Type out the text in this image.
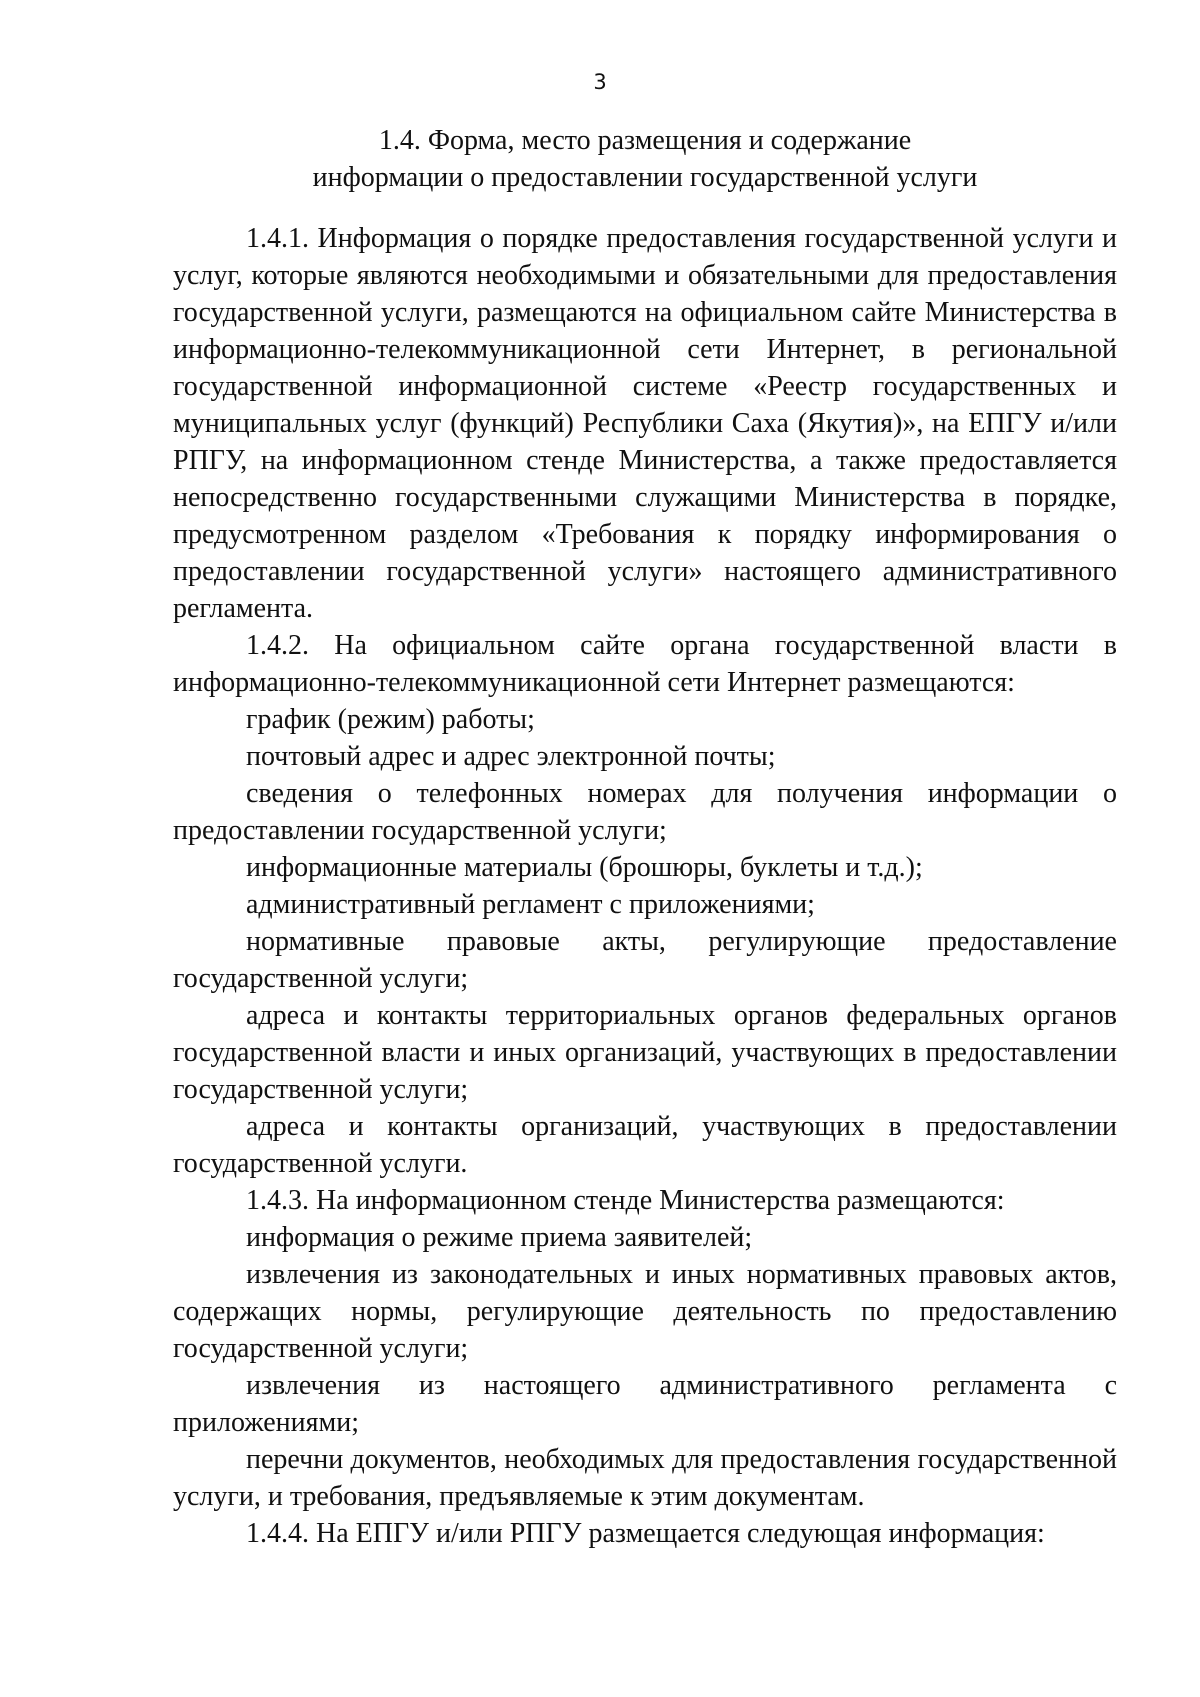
3
1.4. Форма, место размещения и содержание
информации о предоставлении государственной услуги

1.4.1. Информация о порядке предоставления государственной услуги и услуг, которые являются необходимыми и обязательными для предоставления государственной услуги, размещаются на официальном сайте Министерства в информационно-телекоммуникационной сети Интернет, в региональной государственной информационной системе «Реестр государственных и муниципальных услуг (функций) Республики Саха (Якутия)», на ЕПГУ и/или РПГУ, на информационном стенде Министерства, а также предоставляется непосредственно государственными служащими Министерства в порядке, предусмотренном разделом «Требования к порядку информирования о предоставлении государственной услуги» настоящего административного регламента.

1.4.2. На официальном сайте органа государственной власти в информационно-телекоммуникационной сети Интернет размещаются:

график (режим) работы;

почтовый адрес и адрес электронной почты;

сведения о телефонных номерах для получения информации о предоставлении государственной услуги;

информационные материалы (брошюры, буклеты и т.д.);

административный регламент с приложениями;

нормативные правовые акты, регулирующие предоставление государственной услуги;

адреса и контакты территориальных органов федеральных органов государственной власти и иных организаций, участвующих в предоставлении государственной услуги;

адреса и контакты организаций, участвующих в предоставлении государственной услуги.

1.4.3. На информационном стенде Министерства размещаются:

информация о режиме приема заявителей;

извлечения из законодательных и иных нормативных правовых актов, содержащих нормы, регулирующие деятельность по предоставлению государственной услуги;

извлечения из настоящего административного регламента с приложениями;

перечни документов, необходимых для предоставления государственной услуги, и требования, предъявляемые к этим документам.

1.4.4. На ЕПГУ и/или РПГУ размещается следующая информация:
